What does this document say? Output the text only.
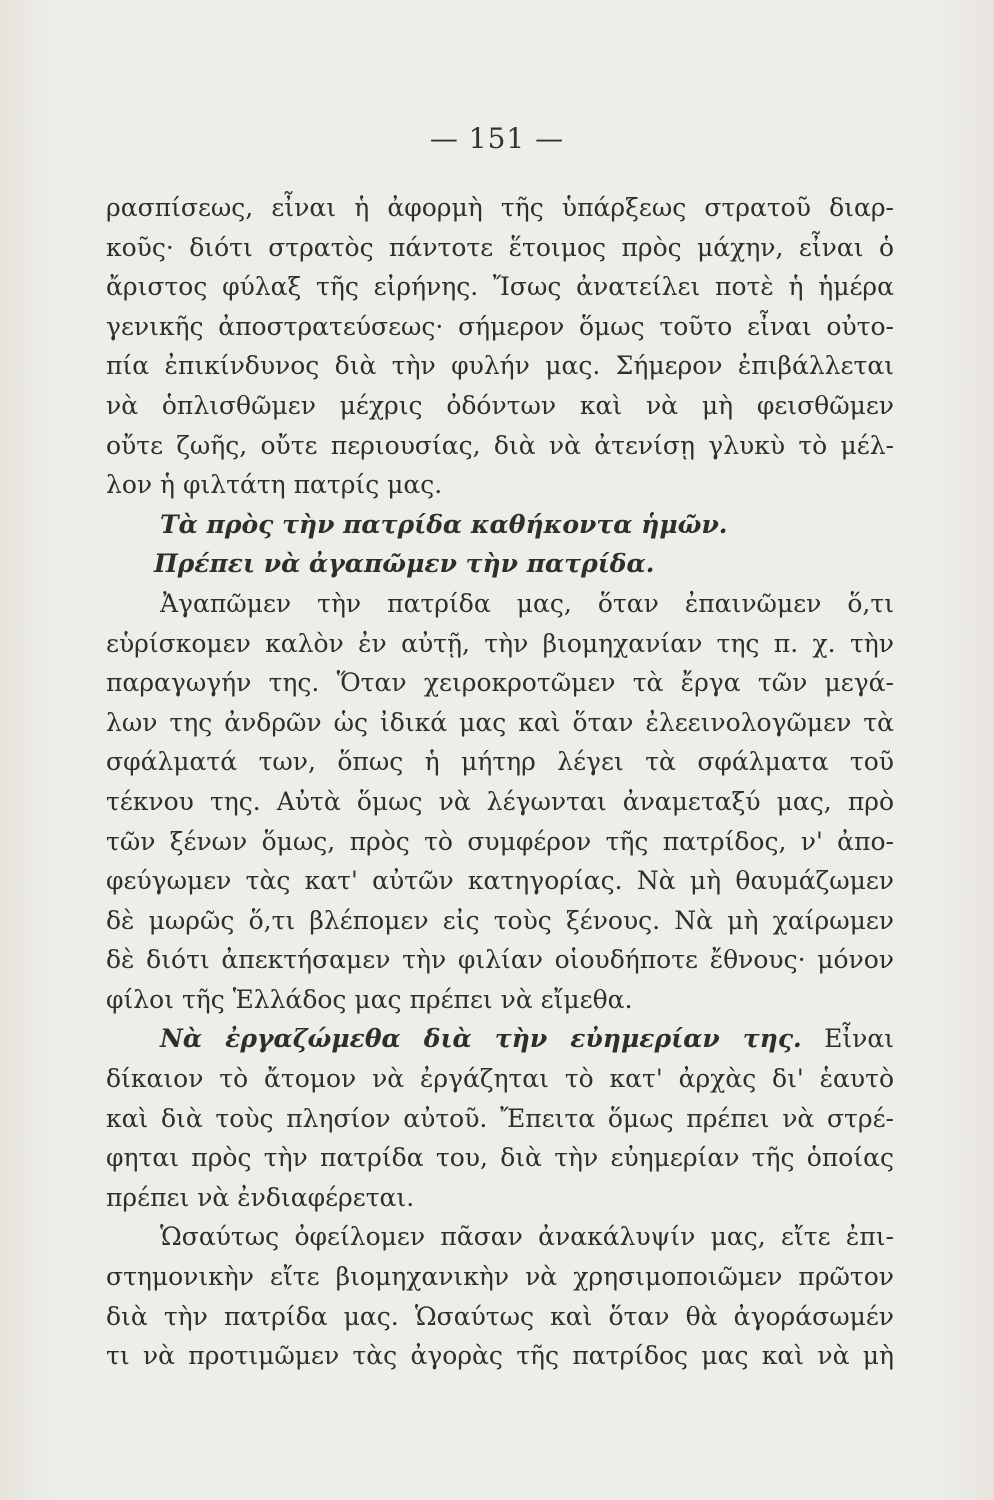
— 151 —
ρασπίσεως, εἶναι ἡ ἀφορμὴ τῆς ὑπάρξεως στρατοῦ διαρ-
κοῦς· διότι στρατὸς πάντοτε ἕτοιμος πρὸς μάχην, εἶναι ὁ
ἄριστος φύλαξ τῆς εἰρήνης. Ἴσως ἀνατείλει ποτὲ ἡ ἡμέρα
γενικῆς ἀποστρατεύσεως· σήμερον ὅμως τοῦτο εἶναι οὐτο-
πία ἐπικίνδυνος διὰ τὴν φυλήν μας. Σήμερον ἐπιβάλλεται
νὰ ὁπλισθῶμεν μέχρις ὀδόντων καὶ νὰ μὴ φεισθῶμεν
οὔτε ζωῆς, οὔτε περιουσίας, διὰ νὰ ἀτενίσῃ γλυκὺ τὸ μέλ-
λον ἡ φιλτάτη πατρίς μας.
Τὰ πρὸς τὴν πατρίδα καθήκοντα ἡμῶν.
Πρέπει νὰ ἀγαπῶμεν τὴν πατρίδα.
Ἀγαπῶμεν τὴν πατρίδα μας, ὅταν ἐπαινῶμεν ὅ,τι
εὑρίσκομεν καλὸν ἐν αὐτῇ, τὴν βιομηχανίαν της π. χ. τὴν
παραγωγήν της. Ὅταν χειροκροτῶμεν τὰ ἔργα τῶν μεγά-
λων της ἀνδρῶν ὡς ἰδικά μας καὶ ὅταν ἐλεεινολογῶμεν τὰ
σφάλματά των, ὅπως ἡ μήτηρ λέγει τὰ σφάλματα τοῦ
τέκνου της. Αὐτὰ ὅμως νὰ λέγωνται ἀναμεταξύ μας, πρὸ
τῶν ξένων ὅμως, πρὸς τὸ συμφέρον τῆς πατρίδος, ν' ἀπο-
φεύγωμεν τὰς κατ' αὐτῶν κατηγορίας. Νὰ μὴ θαυμάζωμεν
δὲ μωρῶς ὅ,τι βλέπομεν εἰς τοὺς ξένους. Νὰ μὴ χαίρωμεν
δὲ διότι ἀπεκτήσαμεν τὴν φιλίαν οἱουδήποτε ἔθνους· μόνον
φίλοι τῆς Ἑλλάδος μας πρέπει νὰ εἴμεθα.
Νὰ ἐργαζώμεθα διὰ τὴν εὐημερίαν της. Εἶναι
δίκαιον τὸ ἄτομον νὰ ἐργάζηται τὸ κατ' ἀρχὰς δι' ἑαυτὸ
καὶ διὰ τοὺς πλησίον αὐτοῦ. Ἔπειτα ὅμως πρέπει νὰ στρέ-
φηται πρὸς τὴν πατρίδα του, διὰ τὴν εὐημερίαν τῆς ὁποίας
πρέπει νὰ ἐνδιαφέρεται.
Ὡσαύτως ὀφείλομεν πᾶσαν ἀνακάλυψίν μας, εἴτε ἐπι-
στημονικὴν εἴτε βιομηχανικὴν νὰ χρησιμοποιῶμεν πρῶτον
διὰ τὴν πατρίδα μας. Ὡσαύτως καὶ ὅταν θὰ ἀγοράσωμέν
τι νὰ προτιμῶμεν τὰς ἀγορὰς τῆς πατρίδος μας καὶ νὰ μὴ
